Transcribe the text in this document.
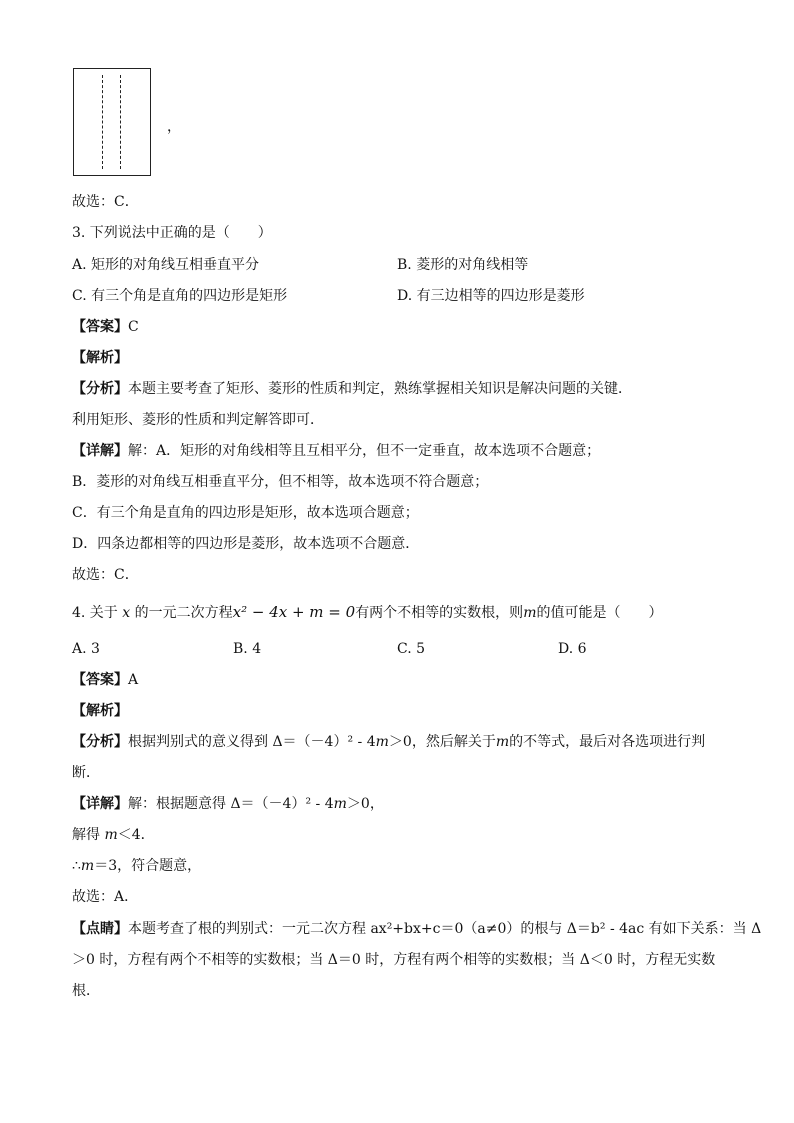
，
故选：C．
3. 下列说法中正确的是（　　）
A. 矩形的对角线互相垂直平分	B. 菱形的对角线相等
C. 有三个角是直角的四边形是矩形	D. 有三边相等的四边形是菱形
【答案】C
【解析】
【分析】本题主要考查了矩形、菱形的性质和判定，熟练掌握相关知识是解决问题的关键．
利用矩形、菱形的性质和判定解答即可．
【详解】解：A．矩形的对角线相等且互相平分，但不一定垂直，故本选项不合题意；
B．菱形的对角线互相垂直平分，但不相等，故本选项不符合题意；
C．有三个角是直角的四边形是矩形，故本选项合题意；
D．四条边都相等的四边形是菱形，故本选项不合题意．
故选：C．
4. 关于 x 的一元二次方程x² − 4x + m = 0有两个不相等的实数根，则m的值可能是（　　）
A. 3	B. 4	C. 5	D. 6
【答案】A
【解析】
【分析】根据判别式的意义得到 Δ＝（－4）² - 4m＞0，然后解关于m的不等式，最后对各选项进行判
断．
【详解】解：根据题意得 Δ＝（－4）² - 4m＞0，
解得 m＜4．
∴m＝3，符合题意，
故选：A．
【点睛】本题考查了根的判别式：一元二次方程 ax²+bx+c＝0（a≠0）的根与 Δ＝b² - 4ac 有如下关系：当 Δ
＞0 时，方程有两个不相等的实数根；当 Δ＝0 时，方程有两个相等的实数根；当 Δ＜0 时，方程无实数
根．
